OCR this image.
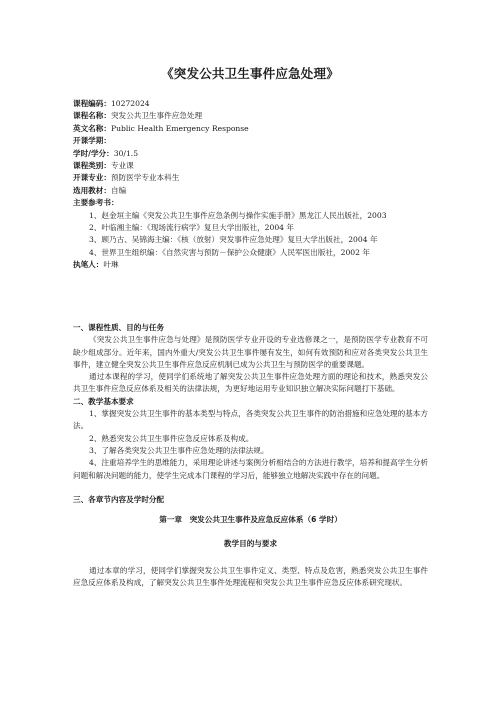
《突发公共卫生事件应急处理》
课程编码：10272024
课程名称：突发公共卫生事件应急处理
英文名称：Public Health Emergency Response
开课学期：
学时/学分：30/1.5
课程类别：专业课
开课专业：预防医学专业本科生
选用教材：自编
主要参考书：
1、赵金垣主编《突发公共卫生事件应急条例与操作实施手册》黑龙江人民出版社，2003
2、叶临湘主编：《现场流行病学》复旦大学出版社，2004 年
3、顾乃古、吴锦海主编：《核（放射）突发事件应急处理》复旦大学出版社，2004 年
4、世界卫生组织编：《自然灾害与预防－保护公众健康》人民军医出版社，2002 年
执笔人：叶琳
一、课程性质、目的与任务

《突发公共卫生事件应急与处理》是预防医学专业开设的专业选修课之一，是预防医学专业教育不可缺少组成部分。近年来，国内外重大/突发公共卫生事件屡有发生，如何有效预防和应对各类突发公共卫生事件，建立健全突发公共卫生事件应急反应机制已成为公共卫生与预防医学的重要课题。

通过本课程的学习，使同学们系统地了解突发公共卫生事件应急处理方面的理论和技术，熟悉突发公共卫生事件应急反应体系及相关的法律法规，为更好地运用专业知识独立解决实际问题打下基础。

二、教学基本要求

1、掌握突发公共卫生事件的基本类型与特点，各类突发公共卫生事件的防治措施和应急处理的基本方法。

2、熟悉突发公共卫生事件应急反应体系及构成。

3、了解各类突发公共卫生事件应急处理的法律法规。

4、注重培养学生的思维能力，采用理论讲述与案例分析相结合的方法进行教学，培养和提高学生分析问题和解决问题的能力，使学生完成本门课程的学习后，能够独立地解决实践中存在的问题。

三、各章节内容及学时分配
第一章　突发公共卫生事件及应急反应体系（6 学时）
教学目的与要求

通过本章的学习，使同学们掌握突发公共卫生事件定义、类型、特点及危害，熟悉突发公共卫生事件应急反应体系及构成，了解突发公共卫生事件处理流程和突发公共卫生事件应急反应体系研究现状。
